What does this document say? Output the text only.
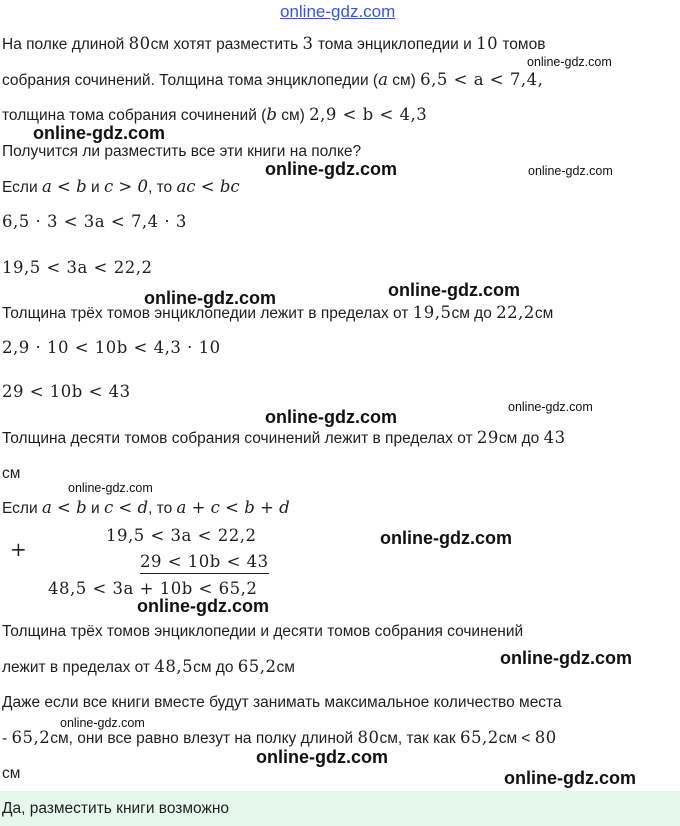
online-gdz.com
На полке длиной 80см хотят разместить 3 тома энциклопедии и 10 томов
собрания сочинений. Толщина тома энциклопедии (a см) 6,5 < a < 7,4,
толщина тома собрания сочинений (b см) 2,9 < b < 4,3
Получится ли разместить все эти книги на полке?
Если a < b и c > 0, то ac < bc
6,5 · 3 < 3a < 7,4 · 3
19,5 < 3a < 22,2
Толщина трёх томов энциклопедии лежит в пределах от 19,5см до 22,2см
2,9 · 10 < 10b < 4,3 · 10
29 < 10b < 43
Толщина десяти томов собрания сочинений лежит в пределах от 29см до 43
см
Если a < b и c < d, то a + c < b + d
+
19,5 < 3a < 22,2
29 < 10b < 43
48,5 < 3a + 10b < 65,2
Толщина трёх томов энциклопедии и десяти томов собрания сочинений
лежит в пределах от 48,5см до 65,2см
Даже если все книги вместе будут занимать максимальное количество места
- 65,2см, они все равно влезут на полку длиной 80см, так как 65,2см < 80
см
Да, разместить книги возможно
online-gdz.com
online-gdz.com
online-gdz.com	online-gdz.com
online-gdz.com	online-gdz.com
online-gdz.com	online-gdz.com
online-gdz.com
online-gdz.com
online-gdz.com
online-gdz.com
online-gdz.com
online-gdz.com
online-gdz.com
